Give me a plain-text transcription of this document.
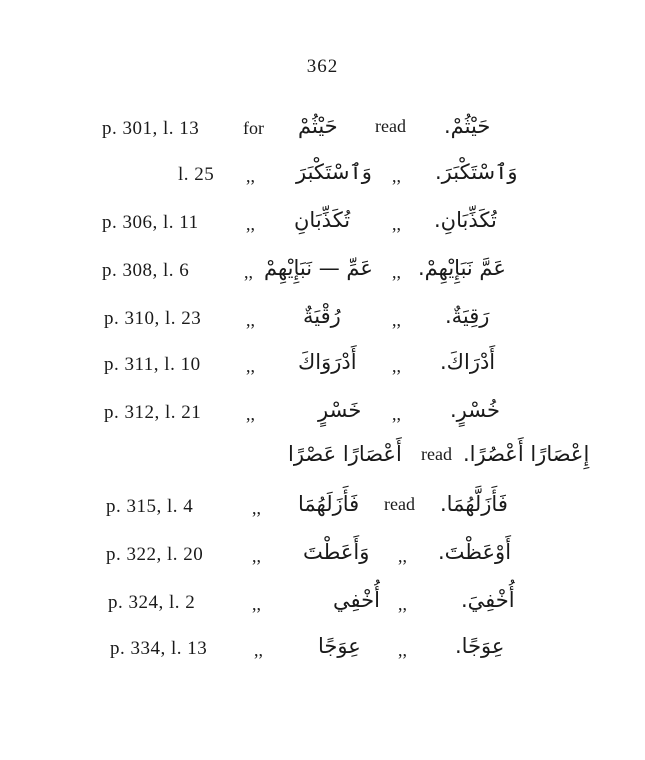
362
p. 301, l. 13 for حَيْثُمْ read حَيْثُمْ.
l. 25 ,, وَٱسْتَكْبَرَ ,, وَٱسْتَكْبَرَ.
p. 306, l. 11	,, تُكَذِّبَانِ ,, تُكَذِّبَانِ.
p. 308, l. 6	,, عَمِّ — نَبَإِيْهِمْ ,, عَمَّ نَبَإِيْهِمْ.
p. 310, l. 23 ,, رُقْيَةٌ	,, رَقِيَةٌ.
p. 311, l. 10	,, أَدْرَوَاكَ ,, أَدْرَاكَ.
p. 312, l. 21 ,,	خَسْرٍ ,, خُسْرٍ.
أَعْصَارًا عَصْرًا read إِعْصَارًا أَعْصُرًا.
p. 315, l. 4	,, فَأَزَلَهُمَا read فَأَزَلَّهُمَا.
p. 322, l. 20	,, وَأَعَطْتَ ,, أَوْعَظْتَ.
p. 324, l. 2	,,	أُخْفِي ,,	أُخْفِيَ.
p. 334, l. 13	,,	عِوَجًا ,, عِوَجًا.
